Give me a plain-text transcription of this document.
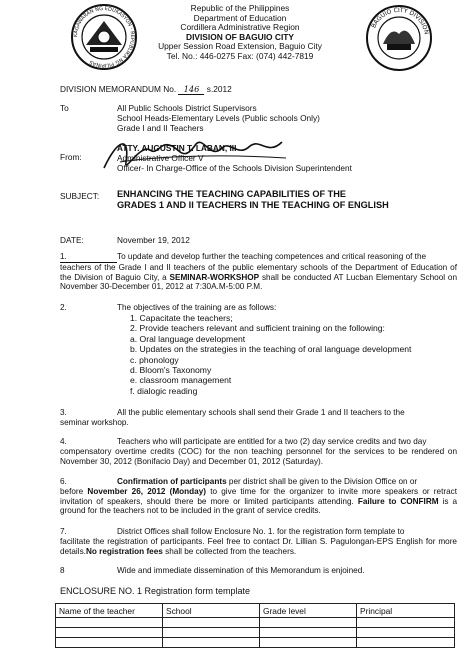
KAGAWARAN NG EDUKASYON · REPUBLIKA NG PILIPINAS
BAGUIO CITY DIVISION
Republic of the Philippines
Department of Education
Cordillera Administrative Region
DIVISION OF BAGUIO CITY
Upper Session Road Extension, Baguio City
Tel. No.: 446-0275 Fax: (074) 442-7819
DIVISION MEMORANDUM No. 146 s.2012
To	All Public Schools District Supervisors
School Heads-Elementary Levels (Public schools Only)
Grade I and II Teachers
From:
ATTY. AUGUSTIN T. LABAN, III
Administrative Officer V
Officer- In Charge-Office of the Schools Division Superintendent
SUBJECT: ENHANCING THE TEACHING CAPABILITIES OF THE
GRADES 1 AND II TEACHERS IN THE TEACHING OF ENGLISH
DATE:	November 19, 2012
1.	To update and develop further the teaching competences and critical reasoning of the
teachers of the Grade I and II teachers of the public elementary schools of the Department of Education of the Division of Baguio City, a SEMINAR-WORKSHOP shall be conducted AT Lucban Elementary School on November 30-December 01, 2012 at 7:30A.M-5:00 P.M.
2.	The objectives of the training are as follows:
1. Capacitate the teachers;
2. Provide teachers relevant and sufficient training on the following:
a. Oral language development
b. Updates on the strategies in the teaching of oral language development
c. phonology
d. Bloom's Taxonomy
e. classroom management
f. dialogic reading
3.	All the public elementary schools shall send their Grade 1 and II teachers to the
seminar workshop.
4.	Teachers who will participate are entitled for a two (2) day service credits and two day
compensatory overtime credits (COC) for the non teaching personnel for the services to be rendered on November 30, 2012 (Bonifacio Day) and December 01, 2012 (Saturday).
6.	Confirmation of participants per district shall be given to the Division Office on or
before November 26, 2012 (Monday) to give time for the organizer to invite more speakers or retract invitation of speakers, should there be more or limited participants attending. Failure to CONFIRM is a ground for the teachers not to be included in the grant of service credits.
7.	District Offices shall follow Enclosure No. 1. for the registration form template to
facilitate the registration of participants. Feel free to contact Dr. Lillian S. Pagulongan-EPS English for more details.No registration fees shall be collected from the teachers.
8	Wide and immediate dissemination of this Memorandum is enjoined.
ENCLOSURE NO. 1 Registration form template
Name of the teacher	School	Grade level	Principal
